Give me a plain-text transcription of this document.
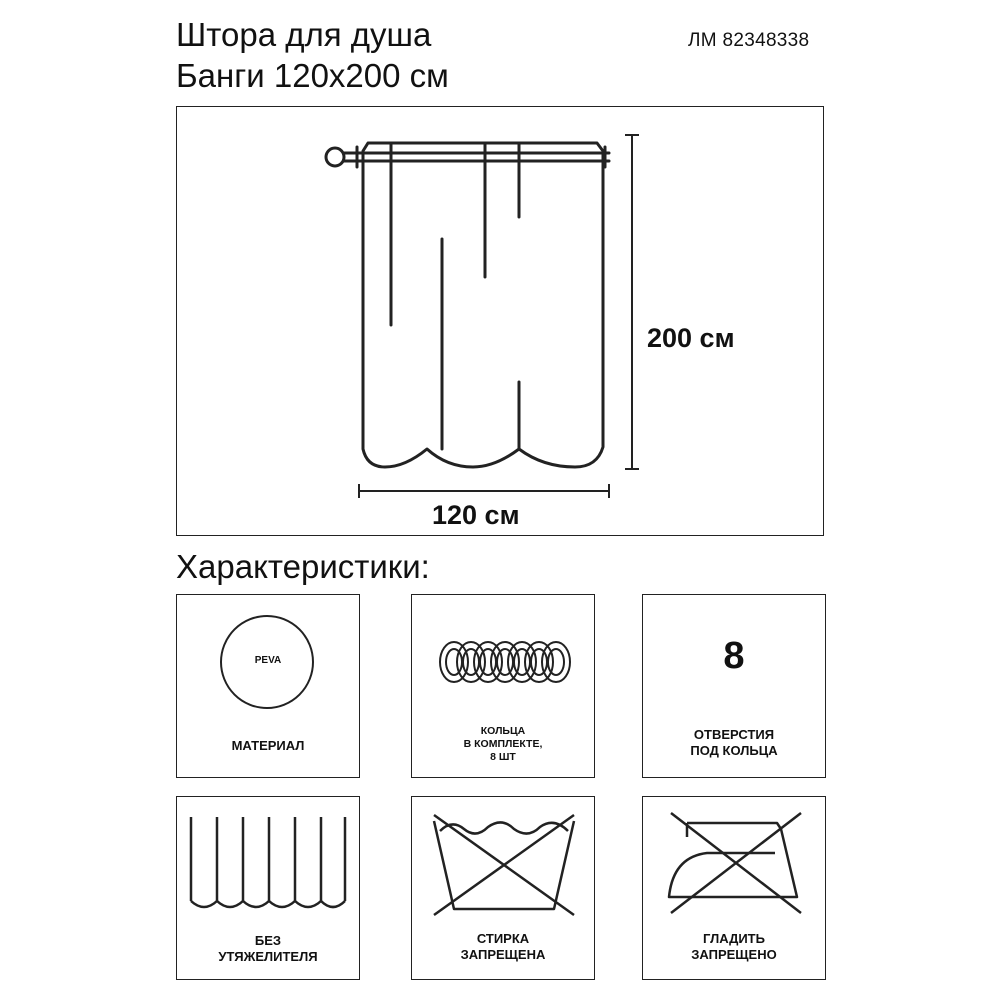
Штора для душа
Банги 120x200 см
ЛМ 82348338
200 см
120 см
Характеристики:
PEVA
МАТЕРИАЛ
КОЛЬЦА
В КОМПЛЕКТЕ,
8 ШТ
8
ОТВЕРСТИЯ
ПОД КОЛЬЦА
БЕЗ
УТЯЖЕЛИТЕЛЯ
СТИРКА
ЗАПРЕЩЕНА
ГЛАДИТЬ
ЗАПРЕЩЕНО
